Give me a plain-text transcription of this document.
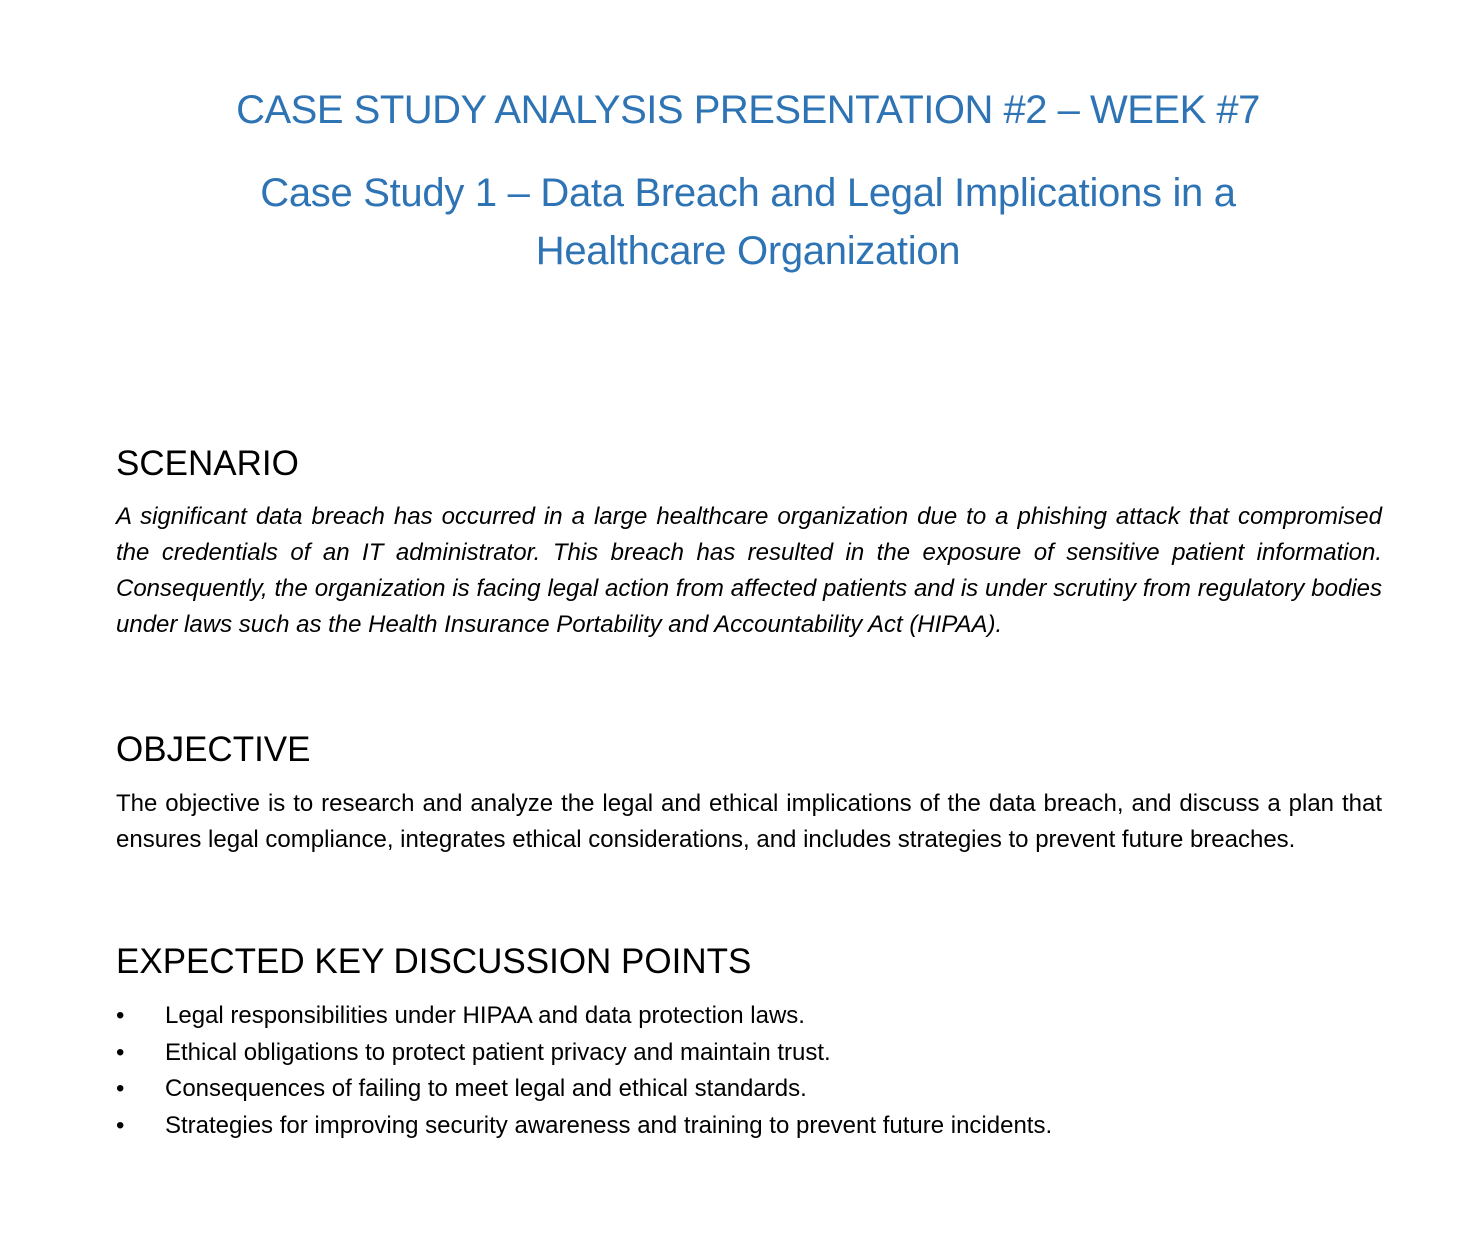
CASE STUDY ANALYSIS PRESENTATION #2 – WEEK #7
Case Study 1 – Data Breach and Legal Implications in a Healthcare Organization
SCENARIO

A significant data breach has occurred in a large healthcare organization due to a phishing attack that compromised the credentials of an IT administrator. This breach has resulted in the exposure of sensitive patient information. Consequently, the organization is facing legal action from affected patients and is under scrutiny from regulatory bodies under laws such as the Health Insurance Portability and Accountability Act (HIPAA).

OBJECTIVE

The objective is to research and analyze the legal and ethical implications of the data breach, and discuss a plan that ensures legal compliance, integrates ethical considerations, and includes strategies to prevent future breaches.

EXPECTED KEY DISCUSSION POINTS
•	Legal responsibilities under HIPAA and data protection laws.
•	Ethical obligations to protect patient privacy and maintain trust.
•	Consequences of failing to meet legal and ethical standards.
•	Strategies for improving security awareness and training to prevent future incidents.
